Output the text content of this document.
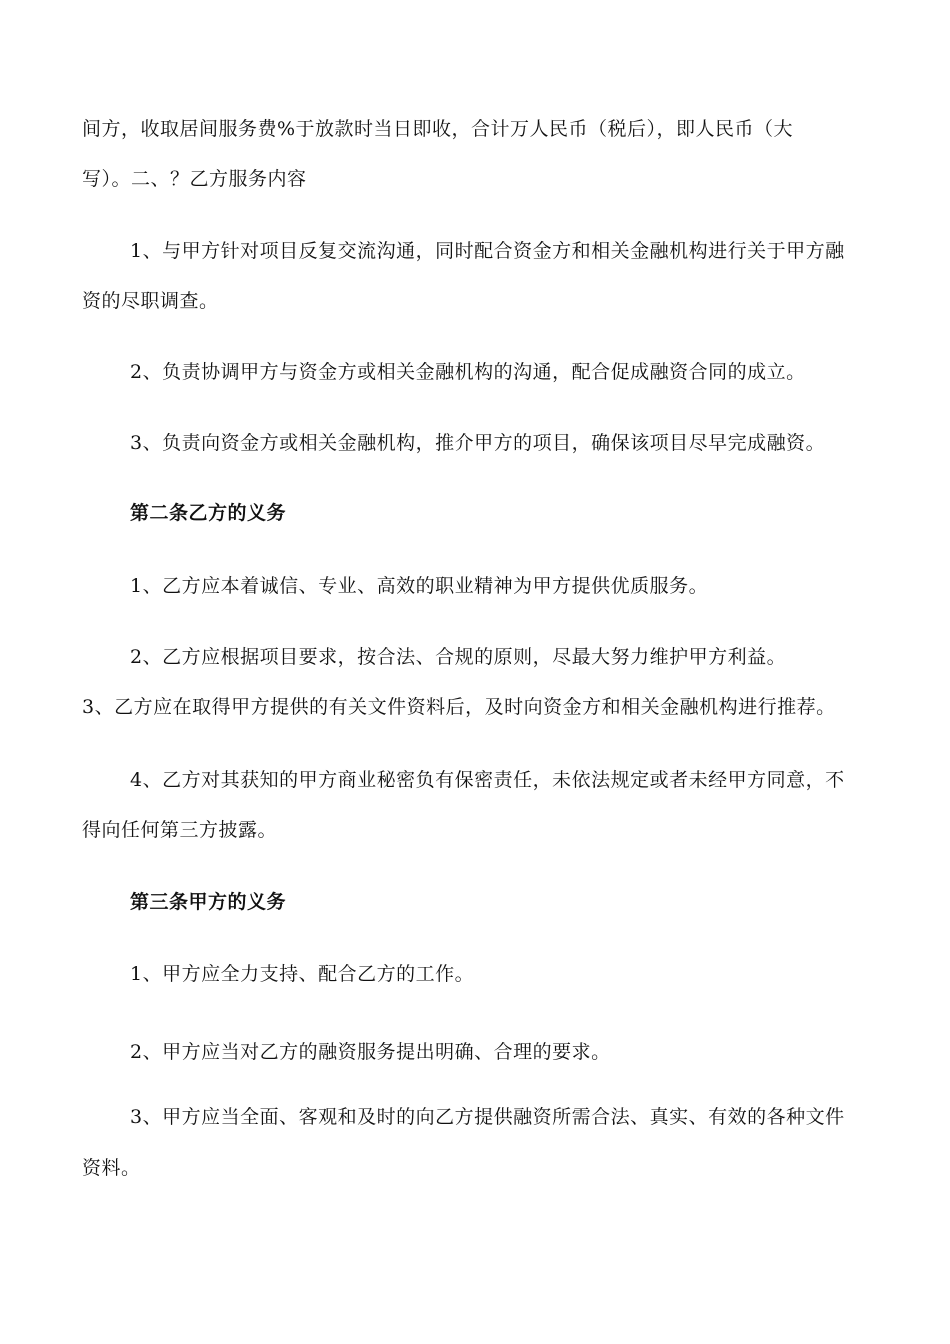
间方，收取居间服务费%于放款时当日即收，合计万人民币（税后），即人民币（大
写）。二、？乙方服务内容
1、与甲方针对项目反复交流沟通，同时配合资金方和相关金融机构进行关于甲方融
资的尽职调查。
2、负责协调甲方与资金方或相关金融机构的沟通，配合促成融资合同的成立。
3、负责向资金方或相关金融机构，推介甲方的项目，确保该项目尽早完成融资。
第二条乙方的义务
1、乙方应本着诚信、专业、高效的职业精神为甲方提供优质服务。
2、乙方应根据项目要求，按合法、合规的原则，尽最大努力维护甲方利益。
3、乙方应在取得甲方提供的有关文件资料后，及时向资金方和相关金融机构进行推荐。
4、乙方对其获知的甲方商业秘密负有保密责任，未依法规定或者未经甲方同意，不
得向任何第三方披露。
第三条甲方的义务
1、甲方应全力支持、配合乙方的工作。
2、甲方应当对乙方的融资服务提出明确、合理的要求。
3、甲方应当全面、客观和及时的向乙方提供融资所需合法、真实、有效的各种文件
资料。
